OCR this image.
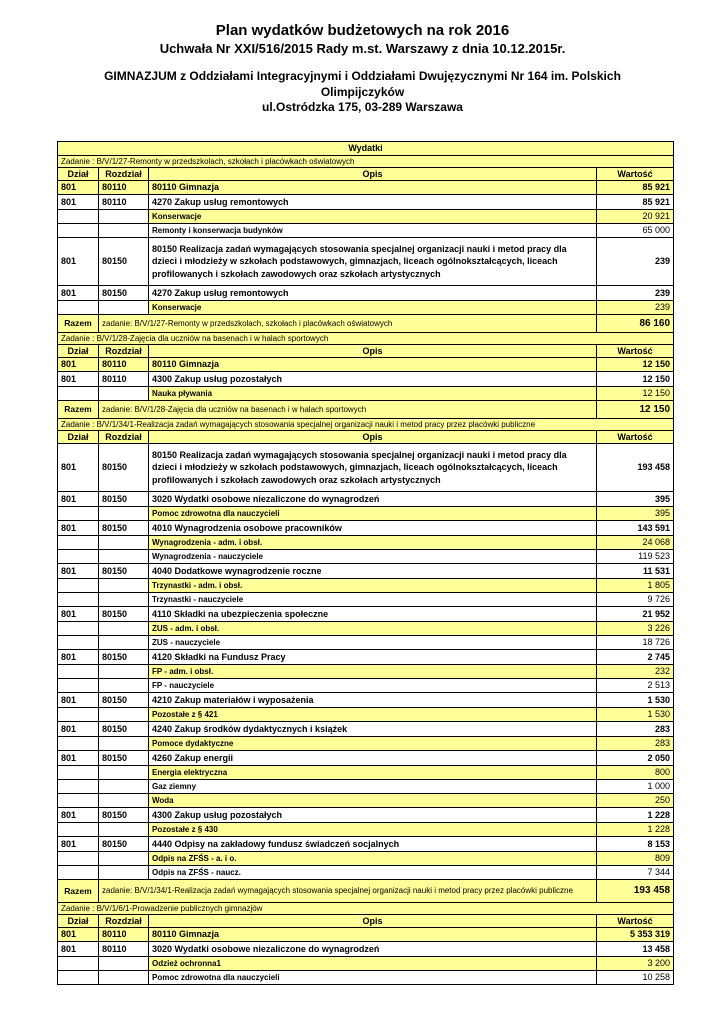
Plan wydatków budżetowych na rok 2016
Uchwała Nr XXI/516/2015 Rady m.st. Warszawy z dnia 10.12.2015r.
GIMNAZJUM z Oddziałami Integracyjnymi i Oddziałami Dwujęzycznymi Nr 164 im. Polskich Olimpijczyków
ul.Ostródzka 175, 03-289 Warszawa
Wydatki			
Zadanie : B/V/1/27-Remonty w przedszkolach, szkołach i placówkach oświatowych			
Dział	Rozdział	Opis	Wartość
801	80110	80110 Gimnazja	85 921
801	80110	4270 Zakup usług remontowych	85 921
		Konserwacje	20 921
		Remonty i konserwacja budynków	65 000
801	80150	80150 Realizacja zadań wymagających stosowania specjalnej organizacji nauki i metod pracy dla dzieci i młodzieży w szkołach podstawowych, gimnazjach, liceach ogólnokształcących, liceach profilowanych i szkołach zawodowych oraz szkołach artystycznych	239
801	80150	4270 Zakup usług remontowych	239
		Konserwacje	239
Razem	zadanie: B/V/1/27-Remonty w przedszkolach, szkołach i placówkach oświatowych		86 160
Zadanie : B/V/1/28-Zajęcia dla uczniów na basenach i w halach sportowych			
Dział	Rozdział	Opis	Wartość
801	80110	80110 Gimnazja	12 150
801	80110	4300 Zakup usług pozostałych	12 150
		Nauka pływania	12 150
Razem	zadanie: B/V/1/28-Zajęcia dla uczniów na basenach i w halach sportowych		12 150
Zadanie : B/V/1/34/1-Realizacja zadań wymagających stosowania specjalnej organizacji nauki i metod pracy przez placówki publiczne			
Dział	Rozdział	Opis	Wartość
801	80150	80150 Realizacja zadań wymagających stosowania specjalnej organizacji nauki i metod pracy dla dzieci i młodzieży w szkołach podstawowych, gimnazjach, liceach ogólnokształcących, liceach profilowanych i szkołach zawodowych oraz szkołach artystycznych	193 458
801	80150	3020 Wydatki osobowe niezaliczone do wynagrodzeń	395
		Pomoc zdrowotna dla nauczycieli	395
801	80150	4010 Wynagrodzenia osobowe pracowników	143 591
		Wynagrodzenia - adm. i obsł.	24 068
		Wynagrodzenia - nauczyciele	119 523
801	80150	4040 Dodatkowe wynagrodzenie roczne	11 531
		Trzynastki - adm. i obsł.	1 805
		Trzynastki - nauczyciele	9 726
801	80150	4110 Składki na ubezpieczenia społeczne	21 952
		ZUS - adm. i obsł.	3 226
		ZUS - nauczyciele	18 726
801	80150	4120 Składki na Fundusz Pracy	2 745
		FP - adm. i obsł.	232
		FP - nauczyciele	2 513
801	80150	4210 Zakup materiałów i wyposażenia	1 530
		Pozostałe z § 421	1 530
801	80150	4240 Zakup środków dydaktycznych i książek	283
		Pomoce dydaktyczne	283
801	80150	4260 Zakup energii	2 050
		Energia elektryczna	800
		Gaz ziemny	1 000
		Woda	250
801	80150	4300 Zakup usług pozostałych	1 228
		Pozostałe z § 430	1 228
801	80150	4440 Odpisy na zakładowy fundusz świadczeń socjalnych	8 153
		Odpis na ZFŚS - a. i o.	809
		Odpis na ZFŚS - naucz.	7 344
Razem	zadanie: B/V/1/34/1-Realizacja zadań wymagających stosowania specjalnej organizacji nauki i metod pracy przez placówki publiczne		193 458
Zadanie : B/V/1/6/1-Prowadzenie publicznych gimnazjów			
Dział	Rozdział	Opis	Wartość
801	80110	80110 Gimnazja	5 353 319
801	80110	3020 Wydatki osobowe niezaliczone do wynagrodzeń	13 458
		Odzież ochronna1	3 200
		Pomoc zdrowotna dla nauczycieli	10 258
